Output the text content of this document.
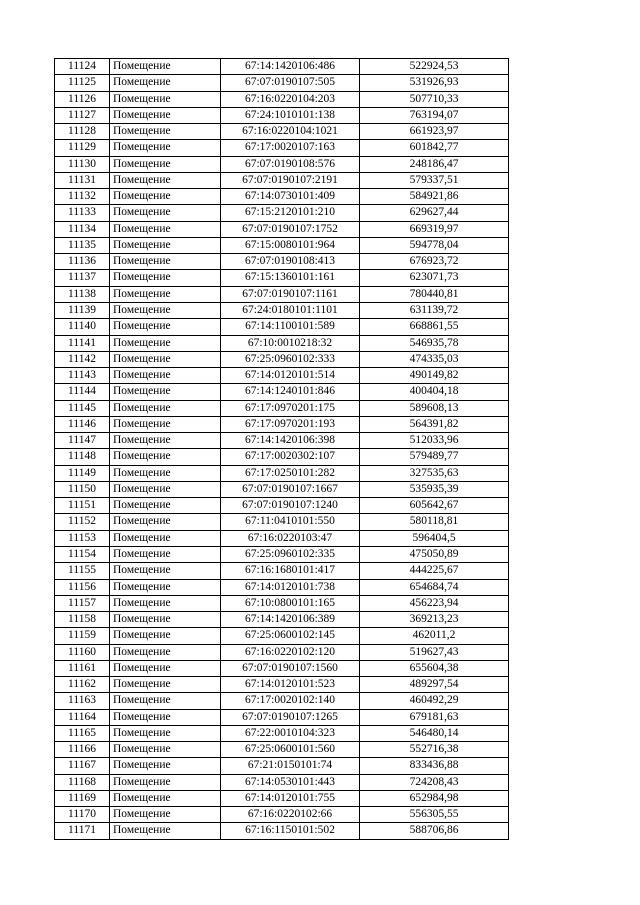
11124	Помещение	67:14:1420106:486	522924,53
11125	Помещение	67:07:0190107:505	531926,93
11126	Помещение	67:16:0220104:203	507710,33
11127	Помещение	67:24:1010101:138	763194,07
11128	Помещение	67:16:0220104:1021	661923,97
11129	Помещение	67:17:0020107:163	601842,77
11130	Помещение	67:07:0190108:576	248186,47
11131	Помещение	67:07:0190107:2191	579337,51
11132	Помещение	67:14:0730101:409	584921,86
11133	Помещение	67:15:2120101:210	629627,44
11134	Помещение	67:07:0190107:1752	669319,97
11135	Помещение	67:15:0080101:964	594778,04
11136	Помещение	67:07:0190108:413	676923,72
11137	Помещение	67:15:1360101:161	623071,73
11138	Помещение	67:07:0190107:1161	780440,81
11139	Помещение	67:24:0180101:1101	631139,72
11140	Помещение	67:14:1100101:589	668861,55
11141	Помещение	67:10:0010218:32	546935,78
11142	Помещение	67:25:0960102:333	474335,03
11143	Помещение	67:14:0120101:514	490149,82
11144	Помещение	67:14:1240101:846	400404,18
11145	Помещение	67:17:0970201:175	589608,13
11146	Помещение	67:17:0970201:193	564391,82
11147	Помещение	67:14:1420106:398	512033,96
11148	Помещение	67:17:0020302:107	579489,77
11149	Помещение	67:17:0250101:282	327535,63
11150	Помещение	67:07:0190107:1667	535935,39
11151	Помещение	67:07:0190107:1240	605642,67
11152	Помещение	67:11:0410101:550	580118,81
11153	Помещение	67:16:0220103:47	596404,5
11154	Помещение	67:25:0960102:335	475050,89
11155	Помещение	67:16:1680101:417	444225,67
11156	Помещение	67:14:0120101:738	654684,74
11157	Помещение	67:10:0800101:165	456223,94
11158	Помещение	67:14:1420106:389	369213,23
11159	Помещение	67:25:0600102:145	462011,2
11160	Помещение	67:16:0220102:120	519627,43
11161	Помещение	67:07:0190107:1560	655604,38
11162	Помещение	67:14:0120101:523	489297,54
11163	Помещение	67:17:0020102:140	460492,29
11164	Помещение	67:07:0190107:1265	679181,63
11165	Помещение	67:22:0010104:323	546480,14
11166	Помещение	67:25:0600101:560	552716,38
11167	Помещение	67:21:0150101:74	833436,88
11168	Помещение	67:14:0530101:443	724208,43
11169	Помещение	67:14:0120101:755	652984,98
11170	Помещение	67:16:0220102:66	556305,55
11171	Помещение	67:16:1150101:502	588706,86
